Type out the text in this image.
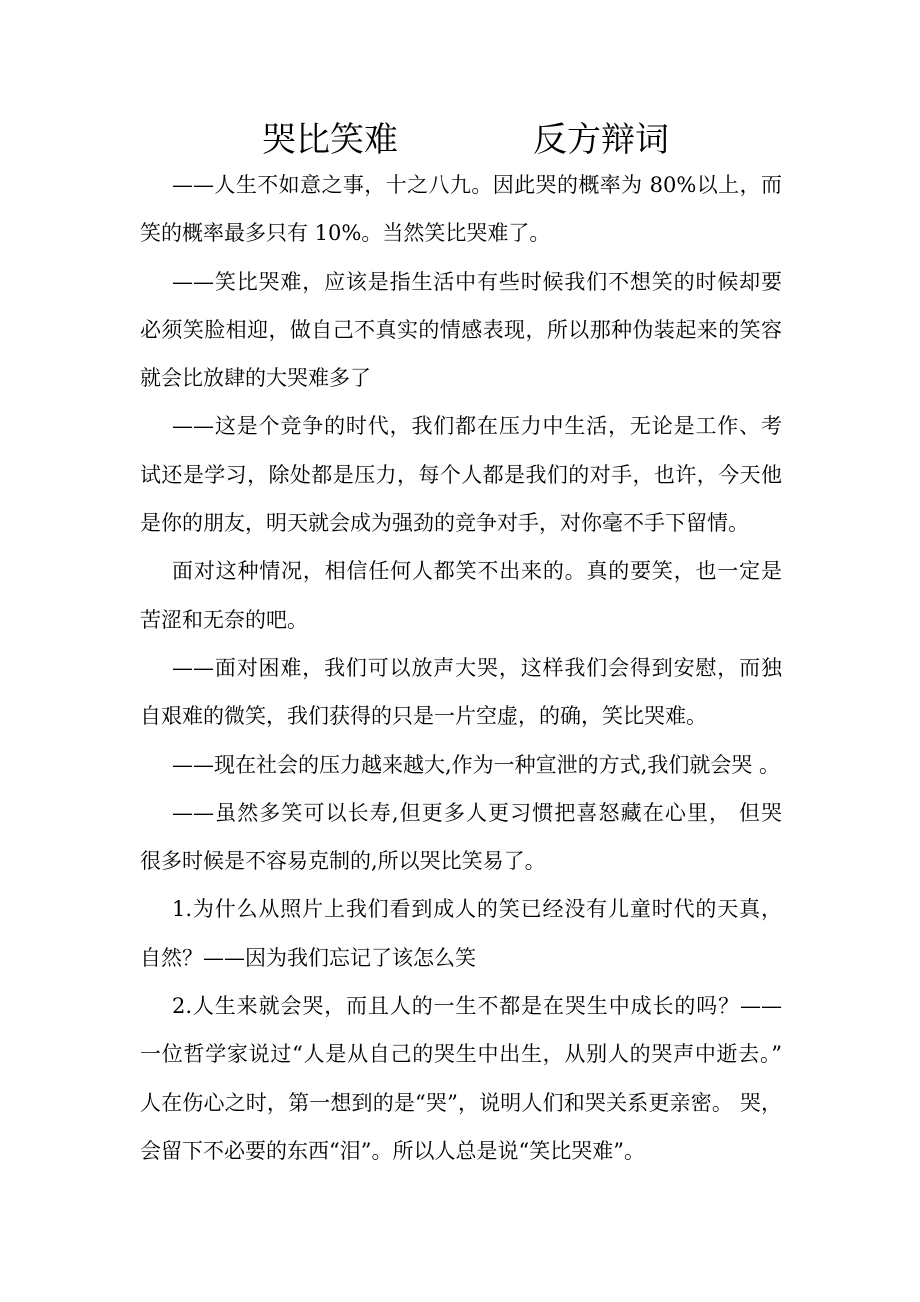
哭比笑难	反方辩词
——人生不如意之事，十之八九。因此哭的概率为 80%以上，而
笑的概率最多只有 10%。当然笑比哭难了。
——笑比哭难，应该是指生活中有些时候我们不想笑的时候却要
必须笑脸相迎，做自己不真实的情感表现，所以那种伪装起来的笑容
就会比放肆的大哭难多了
——这是个竞争的时代，我们都在压力中生活，无论是工作、考
试还是学习，除处都是压力，每个人都是我们的对手，也许，今天他
是你的朋友，明天就会成为强劲的竞争对手，对你毫不手下留情。
面对这种情况，相信任何人都笑不出来的。真的要笑，也一定是
苦涩和无奈的吧。
——面对困难，我们可以放声大哭，这样我们会得到安慰，而独
自艰难的微笑，我们获得的只是一片空虚，的确，笑比哭难。
——现在社会的压力越来越大,作为一种宣泄的方式,我们就会哭 。
——虽然多笑可以长寿,但更多人更习惯把喜怒藏在心里， 但哭
很多时候是不容易克制的,所以哭比笑易了。
1.为什么从照片上我们看到成人的笑已经没有儿童时代的天真，
自然？——因为我们忘记了该怎么笑
2.人生来就会哭，而且人的一生不都是在哭生中成长的吗？——
一位哲学家说过“人是从自己的哭生中出生，从别人的哭声中逝去。”
人在伤心之时，第一想到的是“哭”，说明人们和哭关系更亲密。 哭，
会留下不必要的东西“泪”。所以人总是说“笑比哭难”。
